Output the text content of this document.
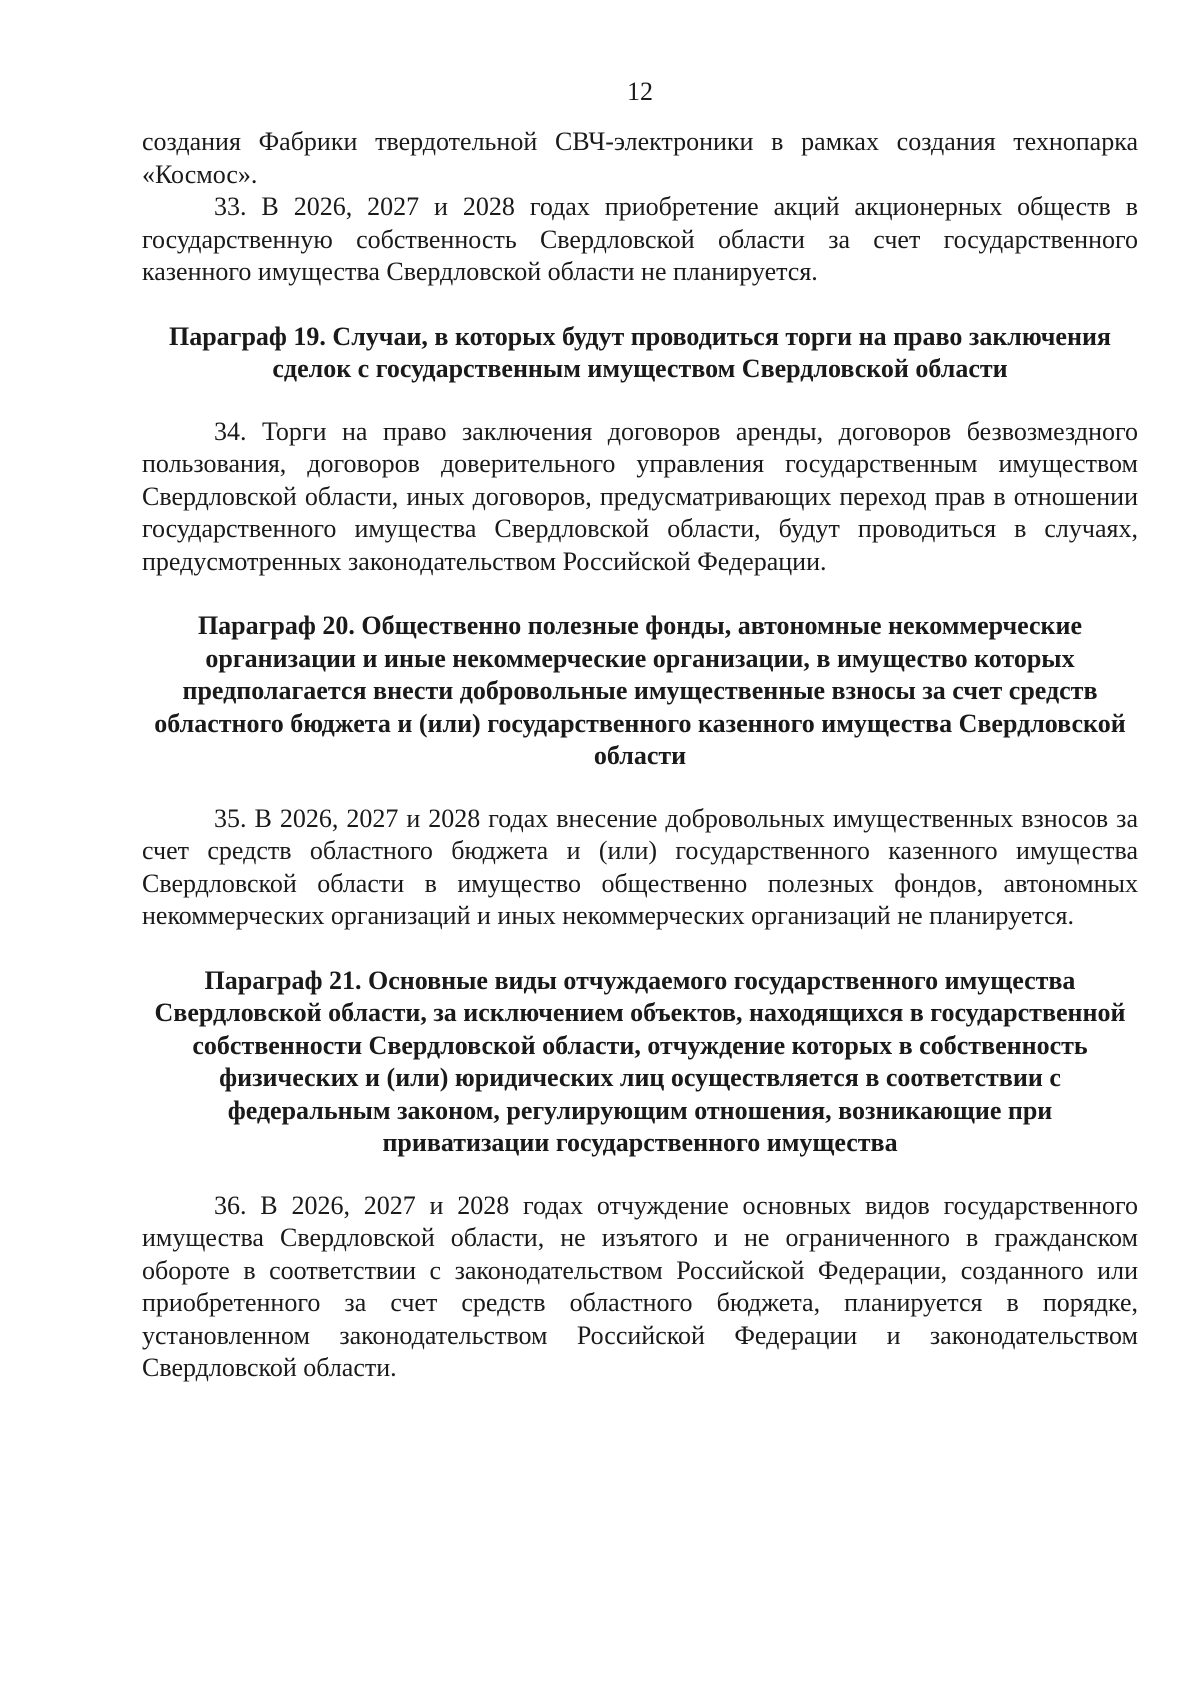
12

создания Фабрики твердотельной СВЧ-электроники в рамках создания технопарка «Космос».

33. В 2026, 2027 и 2028 годах приобретение акций акционерных обществ в государственную собственность Свердловской области за счет государственного казенного имущества Свердловской области не планируется.

Параграф 19. Случаи, в которых будут проводиться торги на право заключения сделок с государственным имуществом Свердловской области

34. Торги на право заключения договоров аренды, договоров безвозмездного пользования, договоров доверительного управления государственным имуществом Свердловской области, иных договоров, предусматривающих переход прав в отношении государственного имущества Свердловской области, будут проводиться в случаях, предусмотренных законодательством Российской Федерации.

Параграф 20. Общественно полезные фонды, автономные некоммерческие организации и иные некоммерческие организации, в имущество которых предполагается внести добровольные имущественные взносы за счет средств областного бюджета и (или) государственного казенного имущества Свердловской области

35. В 2026, 2027 и 2028 годах внесение добровольных имущественных взносов за счет средств областного бюджета и (или) государственного казенного имущества Свердловской области в имущество общественно полезных фондов, автономных некоммерческих организаций и иных некоммерческих организаций не планируется.

Параграф 21. Основные виды отчуждаемого государственного имущества Свердловской области, за исключением объектов, находящихся в государственной собственности Свердловской области, отчуждение которых в собственность физических и (или) юридических лиц осуществляется в соответствии с федеральным законом, регулирующим отношения, возникающие при приватизации государственного имущества

36. В 2026, 2027 и 2028 годах отчуждение основных видов государственного имущества Свердловской области, не изъятого и не ограниченного в гражданском обороте в соответствии с законодательством Российской Федерации, созданного или приобретенного за счет средств областного бюджета, планируется в порядке, установленном законодательством Российской Федерации и законодательством Свердловской области.
